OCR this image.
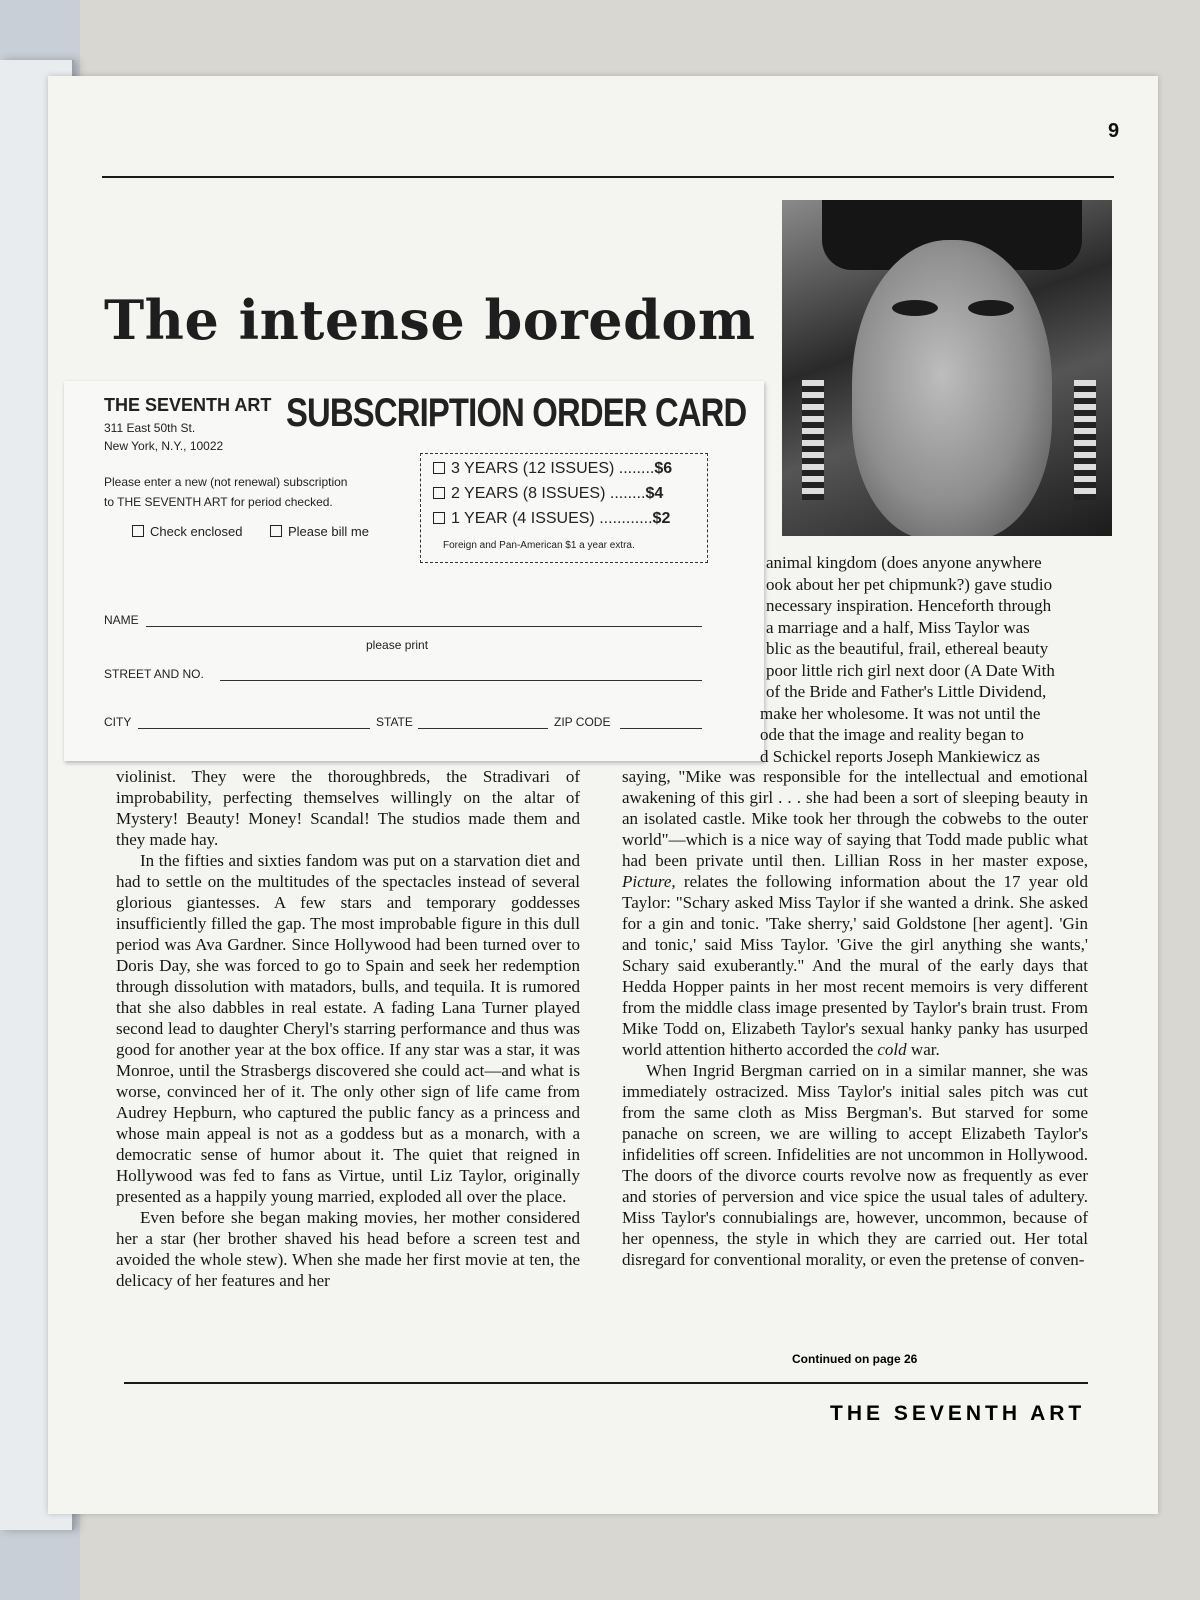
9
The intense boredom
THE SEVENTH ART
311 East 50th St.
New York, N.Y., 10022
SUBSCRIPTION ORDER CARD
Please enter a new (not renewal) subscription
to THE SEVENTH ART for period checked.
Check enclosed	Please bill me
3 YEARS (12 ISSUES) ........$6
2 YEARS (8 ISSUES) ........$4
1 YEAR (4 ISSUES) ............$2
Foreign and Pan-American $1 a year extra.
NAME
please print
STREET AND NO.
CITY	STATE	ZIP CODE
animal kingdom (does anyone anywhere
ook about her pet chipmunk?) gave studio
necessary inspiration. Henceforth through
a marriage and a half, Miss Taylor was
blic as the beautiful, frail, ethereal beauty
poor little rich girl next door (A Date With
of the Bride and Father's Little Dividend,
make her wholesome. It was not until the
ode that the image and reality began to
d Schickel reports Joseph Mankiewicz as

violinist. They were the thoroughbreds, the Stradivari of improbability, perfecting themselves willingly on the altar of Mystery! Beauty! Money! Scandal! The studios made them and they made hay.

In the fifties and sixties fandom was put on a starvation diet and had to settle on the multitudes of the spectacles instead of several glorious giantesses. A few stars and temporary goddesses insufficiently filled the gap. The most improbable figure in this dull period was Ava Gardner. Since Hollywood had been turned over to Doris Day, she was forced to go to Spain and seek her redemption through dissolution with matadors, bulls, and tequila. It is rumored that she also dabbles in real estate. A fading Lana Turner played second lead to daughter Cheryl's starring performance and thus was good for another year at the box office. If any star was a star, it was Monroe, until the Strasbergs discovered she could act—and what is worse, convinced her of it. The only other sign of life came from Audrey Hepburn, who captured the public fancy as a princess and whose main appeal is not as a goddess but as a monarch, with a democratic sense of humor about it. The quiet that reigned in Hollywood was fed to fans as Virtue, until Liz Taylor, originally presented as a happily young married, exploded all over the place.

Even before she began making movies, her mother considered her a star (her brother shaved his head before a screen test and avoided the whole stew). When she made her first movie at ten, the delicacy of her features and her

saying, "Mike was responsible for the intellectual and emotional awakening of this girl . . . she had been a sort of sleeping beauty in an isolated castle. Mike took her through the cobwebs to the outer world"—which is a nice way of saying that Todd made public what had been private until then. Lillian Ross in her master expose, Picture, relates the following information about the 17 year old Taylor: "Schary asked Miss Taylor if she wanted a drink. She asked for a gin and tonic. 'Take sherry,' said Goldstone [her agent]. 'Gin and tonic,' said Miss Taylor. 'Give the girl anything she wants,' Schary said exuberantly." And the mural of the early days that Hedda Hopper paints in her most recent memoirs is very different from the middle class image presented by Taylor's brain trust. From Mike Todd on, Elizabeth Taylor's sexual hanky panky has usurped world attention hitherto accorded the cold war.

When Ingrid Bergman carried on in a similar manner, she was immediately ostracized. Miss Taylor's initial sales pitch was cut from the same cloth as Miss Bergman's. But starved for some panache on screen, we are willing to accept Elizabeth Taylor's infidelities off screen. Infidelities are not uncommon in Hollywood. The doors of the divorce courts revolve now as frequently as ever and stories of perversion and vice spice the usual tales of adultery. Miss Taylor's connubialings are, however, uncommon, because of her openness, the style in which they are carried out. Her total disregard for conventional morality, or even the pretense of conven-

Continued on page 26
THE SEVENTH ART
